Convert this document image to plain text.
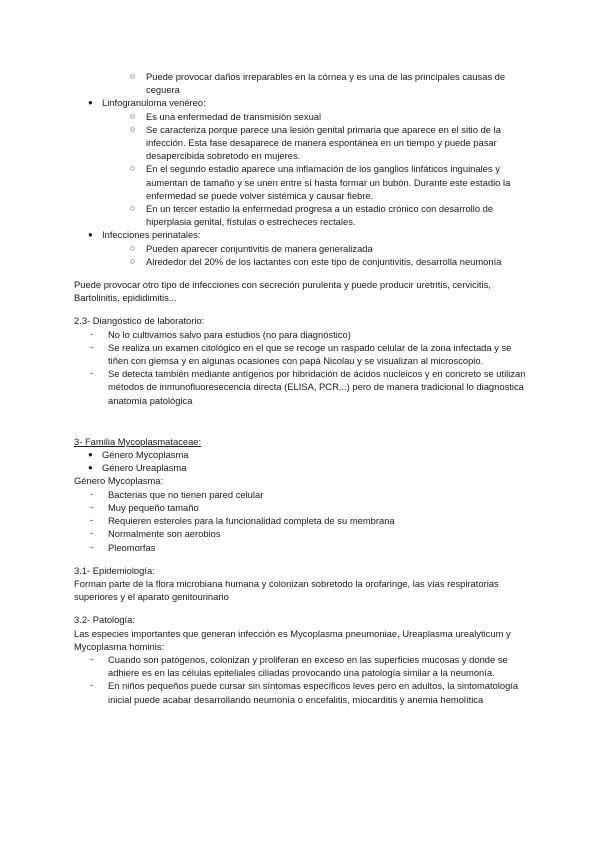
○ Puede provocar daños irreparables en la córnea y es una de las principales causas de ceguera
● Linfogranuloma venéreo:
○ Es una enfermedad de transmisión sexual
○ Se caracteriza porque parece una lesión genital primaria que aparece en el sitio de la infección. Esta fase desaparece de manera espontánea en un tiempo y puede pasar desapercibida sobretodo en mujeres.
○ En el segundo estadio aparece una inflamación de los ganglios linfáticos inguinales y aumentan de tamaño y se unen entre sí hasta formar un bubón. Durante este estadio la enfermedad se puede volver sistémica y causar fiebre.
○ En un tercer estadio la enfermedad progresa a un estadio crónico con desarrollo de hiperplasia genital, fístulas o estrecheces rectales.
● Infecciones perinatales:
○ Pueden aparecer conjuntivitis de manera generalizada
○ Alrededor del 20% de los lactantes con este tipo de conjuntivitis, desarrolla neumonía

Puede provocar otro tipo de infecciones con secreción purulenta y puede producir uretritis, cervicitis, Bartolinitis, epididimitis...

2.3- Diangóstico de laboratorio:

- No lo cultivamos salvo para estudios (no para diagnóstico)
- Se realiza un examen citológico en el que se recoge un raspado celular de la zona infectada y se tiñen con giemsa y en algunas ocasiones con papá Nicolau y se visualizan al microscopio.
- Se detecta también mediante antígenos por hibridación de ácidos nucleicos y en concreto se utilizan métodos de inmunofluoresecencia directa (ELISA, PCR...) pero de manera tradicional lo diagnostica anatomía patológica

3- Familia Mycoplasmataceae:

● Género Mycoplasma
● Género Ureaplasma

Género Mycoplasma:

- Bacterias que no tienen pared celular
- Muy pequeño tamaño
- Requieren esteroles para la funcionalidad completa de su membrana
- Normalmente son aerobios
- Pleomorfas

3.1- Epidemiología:

Forman parte de la flora microbiana humana y colonizan sobretodo la orofaringe, las vías respiratorias superiores y el aparato genitourinario

3.2- Patología:

Las especies importantes que generan infección es Mycoplasma pneumoniae, Ureaplasma urealyticum y Mycoplasma hominis:

- Cuando son patógenos, colonizan y proliferan en exceso en las superficies mucosas y donde se adhiere es en las células epiteliales ciliadas provocando una patología similar a la neumonía.
- En niños pequeños puede cursar sin síntomas específicos leves pero en adultos, la sintomatología inicial puede acabar desarrollando neumonía o encefalitis, miocarditis y anemia hemolítica
